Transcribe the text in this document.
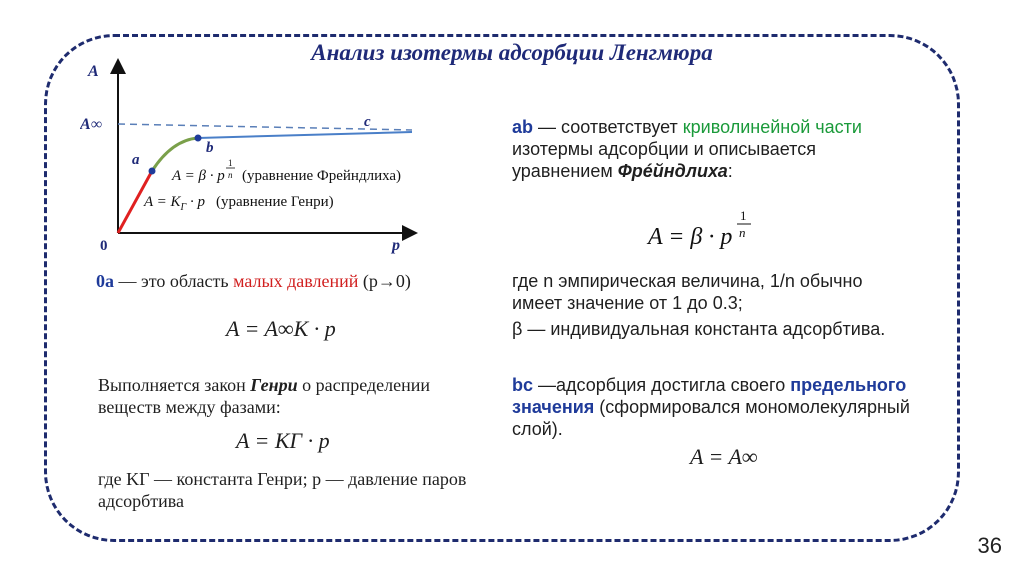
Анализ изотермы адсорбции Ленгмюра
A
A∞
0	p
a
b
c
A = β · p
1
n (уравнение Фрейндлиха)
$A = K_Г \cdot p$ (уравнение Генри)
0a — это область малых давлений (p→0)
A = A∞K · p
Выполняется закон Генри о распределении веществ между фазами:
A = KГ · p
где KГ — константа Генри; p — давление паров адсорбтива
ab — соответствует криволинейной части
изотермы адсорбции и описывается уравнением Фрéйндлиха:
A = β · p
1
n
где n эмпирическая величина, 1/n обычно имеет значение от 1 до 0.3;
β — индивидуальная константа адсорбтива.
bc —адсорбция достигла своего предельного значения (сформировался мономолекулярный слой).
A = A∞
36
